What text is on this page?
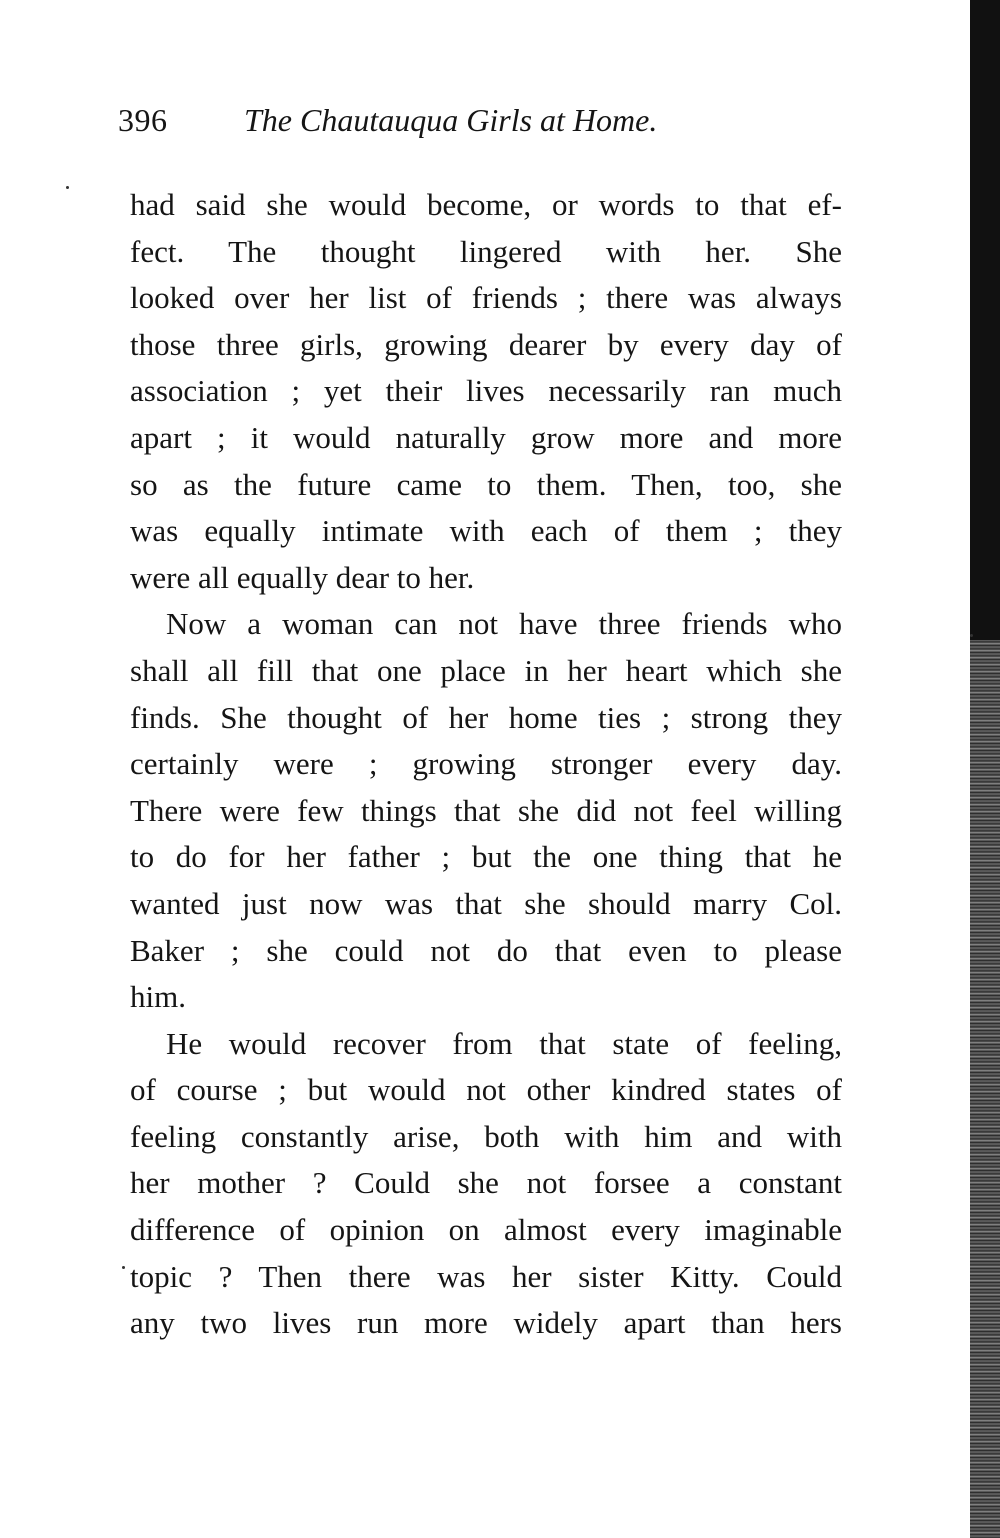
396 The Chautauqua Girls at Home.
had said she would become, or words to that ef-
fect. The thought lingered with her. She
looked over her list of friends ; there was always
those three girls, growing dearer by every day of
association ; yet their lives necessarily ran much
apart ; it would naturally grow more and more
so as the future came to them. Then, too, she
was equally intimate with each of them ; they
were all equally dear to her.
Now a woman can not have three friends who
shall all fill that one place in her heart which she
finds. She thought of her home ties ; strong they
certainly were ; growing stronger every day.
There were few things that she did not feel willing
to do for her father ; but the one thing that he
wanted just now was that she should marry Col.
Baker ; she could not do that even to please
him.
He would recover from that state of feeling,
of course ; but would not other kindred states of
feeling constantly arise, both with him and with
her mother ? Could she not forsee a constant
difference of opinion on almost every imaginable
topic ? Then there was her sister Kitty. Could
any two lives run more widely apart than hers
